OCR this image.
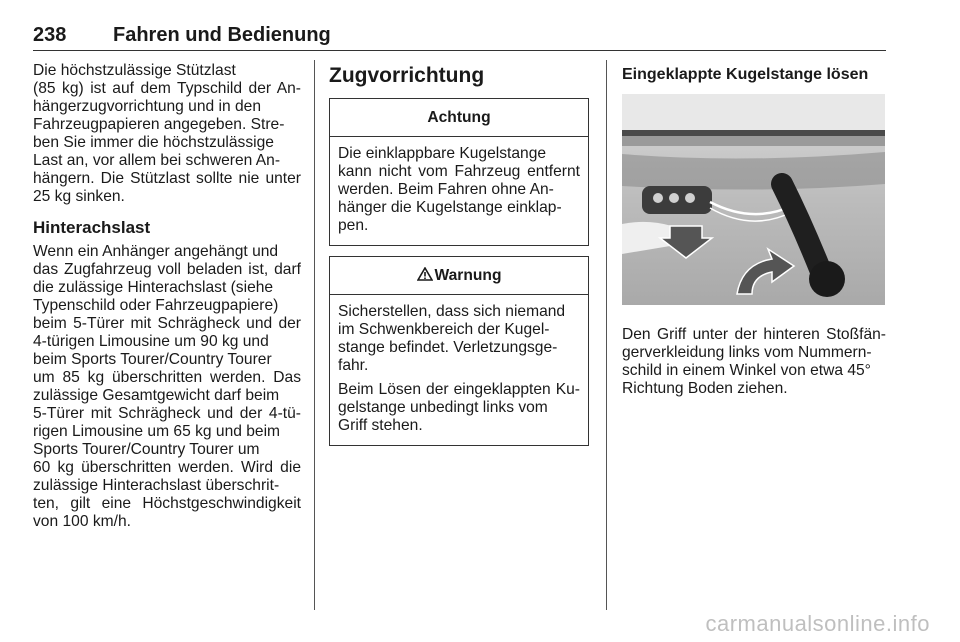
238 Fahren und Bedienung
Die höchstzulässige Stützlast
(85 kg) ist auf dem Typschild der An-
hängerzugvorrichtung und in den
Fahrzeugpapieren angegeben. Stre-
ben Sie immer die höchstzulässige
Last an, vor allem bei schweren An-
hängern. Die Stützlast sollte nie unter
25 kg sinken.
Hinterachslast
Wenn ein Anhänger angehängt und
das Zugfahrzeug voll beladen ist, darf
die zulässige Hinterachslast (siehe
Typenschild oder Fahrzeugpapiere)
beim 5-Türer mit Schrägheck und der
4-türigen Limousine um 90 kg und
beim Sports Tourer/Country Tourer
um 85 kg überschritten werden. Das
zulässige Gesamtgewicht darf beim
5-Türer mit Schrägheck und der 4-tü-
rigen Limousine um 65 kg und beim
Sports Tourer/Country Tourer um
60 kg überschritten werden. Wird die
zulässige Hinterachslast überschrit-
ten, gilt eine Höchstgeschwindigkeit
von 100 km/h.
Zugvorrichtung
Achtung
Die einklappbare Kugelstange
kann nicht vom Fahrzeug entfernt
werden. Beim Fahren ohne An-
hänger die Kugelstange einklap-
pen.
Warnung
Sicherstellen, dass sich niemand
im Schwenkbereich der Kugel-
stange befindet. Verletzungsge-
fahr.
Beim Lösen der eingeklappten Ku-
gelstange unbedingt links vom
Griff stehen.
Eingeklappte Kugelstange lösen
Den Griff unter der hinteren Stoßfän-
gerverkleidung links vom Nummern-
schild in einem Winkel von etwa 45°
Richtung Boden ziehen.
carmanualsonline.info
